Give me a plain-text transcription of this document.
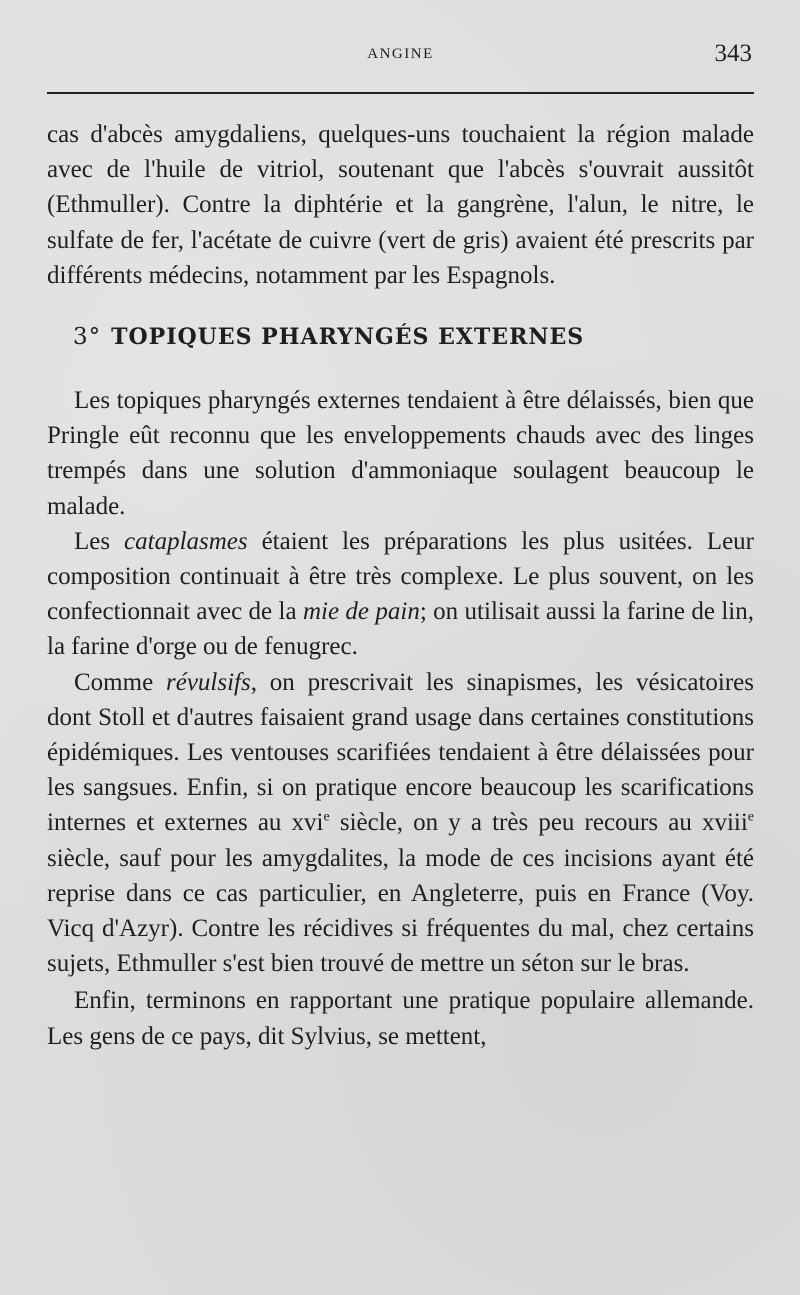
ANGINE	343

cas d'abcès amygdaliens, quelques-uns touchaient la région malade avec de l'huile de vitriol, soutenant que l'abcès s'ouvrait aussitôt (Ethmuller). Contre la diphtérie et la gangrène, l'alun, le nitre, le sulfate de fer, l'acétate de cuivre (vert de gris) avaient été prescrits par différents médecins, notamment par les Espagnols.

3° TOPIQUES PHARYNGÉS EXTERNES

Les topiques pharyngés externes tendaient à être délaissés, bien que Pringle eût reconnu que les enveloppements chauds avec des linges trempés dans une solution d'ammoniaque soulagent beaucoup le malade.

Les cataplasmes étaient les préparations les plus usitées. Leur composition continuait à être très complexe. Le plus souvent, on les confectionnait avec de la mie de pain; on utilisait aussi la farine de lin, la farine d'orge ou de fenugrec.

Comme révulsifs, on prescrivait les sinapismes, les vésicatoires dont Stoll et d'autres faisaient grand usage dans certaines constitutions épidémiques. Les ventouses scarifiées tendaient à être délaissées pour les sangsues. Enfin, si on pratique encore beaucoup les scarifications internes et externes au xvi$^e$ siècle, on y a très peu recours au xviii$^e$ siècle, sauf pour les amygdalites, la mode de ces incisions ayant été reprise dans ce cas particulier, en Angleterre, puis en France (Voy. Vicq d'Azyr). Contre les récidives si fréquentes du mal, chez certains sujets, Ethmuller s'est bien trouvé de mettre un séton sur le bras.

Enfin, terminons en rapportant une pratique populaire allemande. Les gens de ce pays, dit Sylvius, se mettent,
